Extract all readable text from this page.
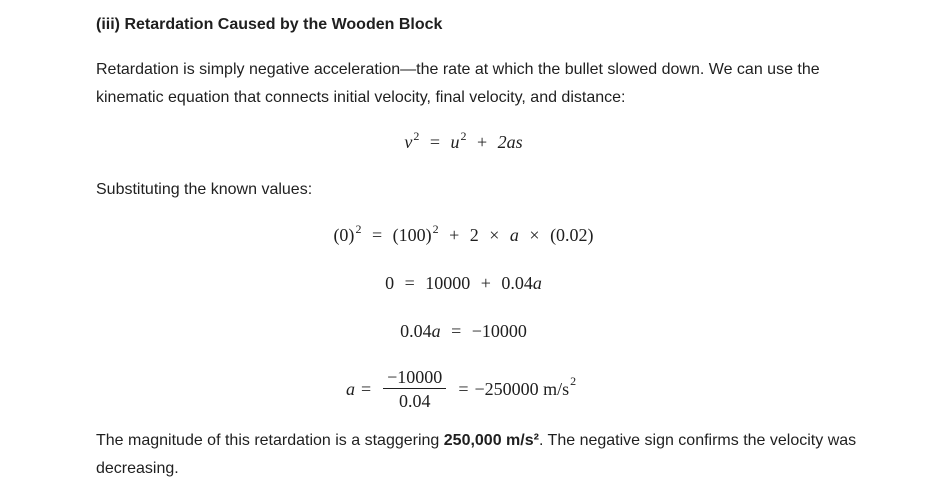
(iii) Retardation Caused by the Wooden Block
Retardation is simply negative acceleration—the rate at which the bullet slowed down. We can use the kinematic equation that connects initial velocity, final velocity, and distance:
$v^2 = u^2 + 2as$
Substituting the known values:
$(0)^2 = (100)^2 + 2 \times a \times (0.02)$
0 = 10000 + 0.04a
0.04a = −10000
$a = \frac{-10000}{0.04} = -250000$
$m/s^2$
The magnitude of this retardation is a staggering 250,000 m/s². The negative sign confirms the velocity was decreasing.
